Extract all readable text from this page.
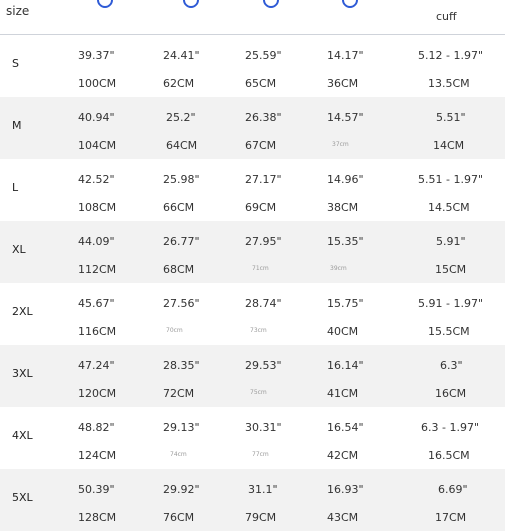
size	cuff
S
39.37"	24.41"	25.59"	14.17"	5.12 - 1.97"
100CM	62CM	65CM	36CM	13.5CM
M
40.94"	25.2"	26.38"	14.57"	5.51"
104CM	64CM	67CM	37cm	14CM
L
42.52"	25.98"	27.17"	14.96"	5.51 - 1.97"
108CM	66CM	69CM	38CM	14.5CM
XL
44.09"	26.77"	27.95"	15.35"	5.91"
112CM	68CM	71cm	39cm	15CM
2XL
45.67"	27.56"	28.74"	15.75"	5.91 - 1.97"
116CM	70cm	73cm	40CM	15.5CM
3XL
47.24"	28.35"	29.53"	16.14"	6.3"
120CM	72CM	75cm	41CM	16CM
4XL
48.82"	29.13"	30.31"	16.54"	6.3 - 1.97"
124CM	74cm	77cm	42CM	16.5CM
5XL
50.39"	29.92"	31.1"	16.93"	6.69"
128CM	76CM	79CM	43CM	17CM
